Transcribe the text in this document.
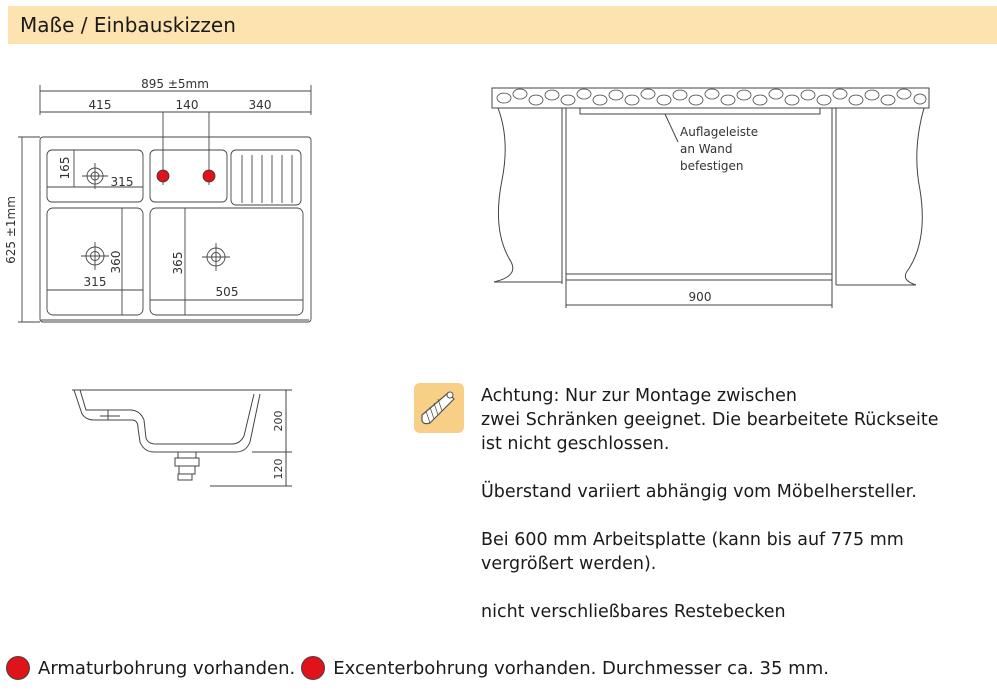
Maße / Einbauskizzen
895 ±5mm
415	140	340
315
315
505
625 ±1mm
165
360	365
Auflageleiste
an Wand
befestigen
900
200
120
Achtung: Nur zur Montage zwischen
zwei Schränken geeignet. Die bearbeitete Rückseite
ist nicht geschlossen.
Überstand variiert abhängig vom Möbelhersteller.
Bei 600 mm Arbeitsplatte (kann bis auf 775 mm
vergrößert werden).
nicht verschließbares Restebecken
Armaturbohrung vorhanden. Excenterbohrung vorhanden. Durchmesser ca. 35 mm.
